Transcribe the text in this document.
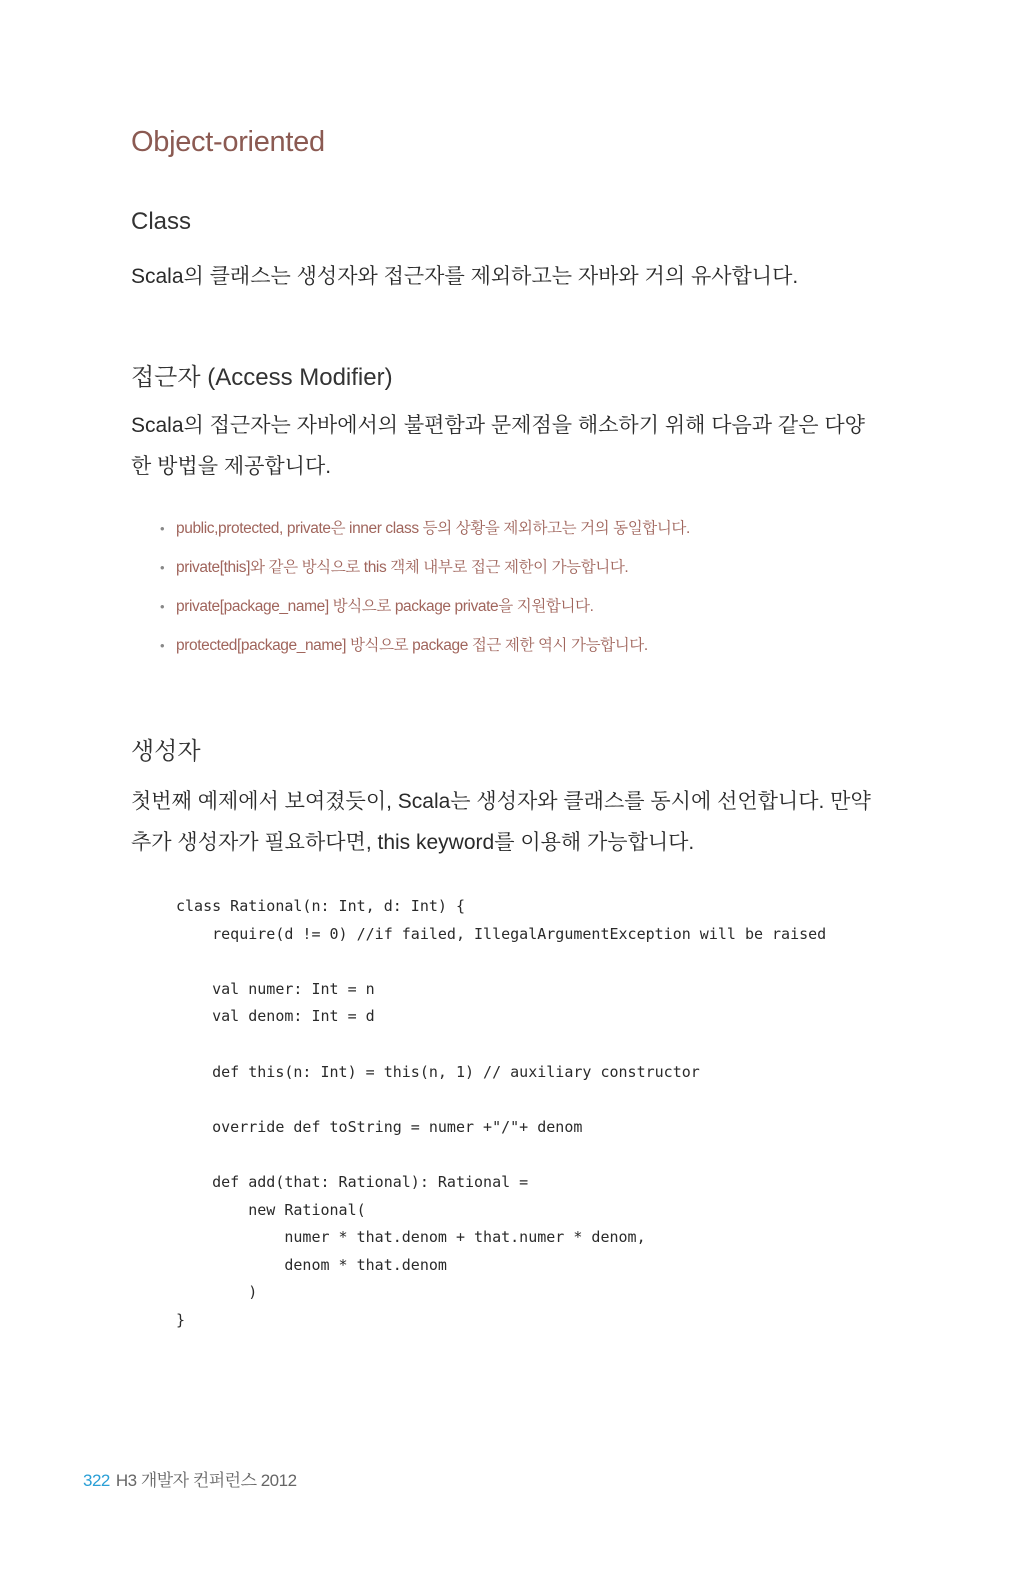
Object-oriented
Class
Scala의 클래스는 생성자와 접근자를 제외하고는 자바와 거의 유사합니다.
접근자 (Access Modifier)
Scala의 접근자는 자바에서의 불편함과 문제점을 해소하기 위해 다음과 같은 다양한 방법을 제공합니다.
• public,protected, private은 inner class 등의 상황을 제외하고는 거의 동일합니다.
• private[this]와 같은 방식으로 this 객체 내부로 접근 제한이 가능합니다.
• private[package_name] 방식으로 package private을 지원합니다.
• protected[package_name] 방식으로 package 접근 제한 역시 가능합니다.
생성자
첫번째 예제에서 보여졌듯이, Scala는 생성자와 클래스를 동시에 선언합니다. 만약 추가 생성자가 필요하다면, this keyword를 이용해 가능합니다.
class Rational(n: Int, d: Int) {
require(d != 0) //if failed, IllegalArgumentException will be raised

val numer: Int = n
val denom: Int = d

def this(n: Int) = this(n, 1) // auxiliary constructor

override def toString = numer +"/"+ denom

def add(that: Rational): Rational =
new Rational(
numer * that.denom + that.numer * denom,
denom * that.denom
)
}
322 H3 개발자 컨퍼런스 2012
